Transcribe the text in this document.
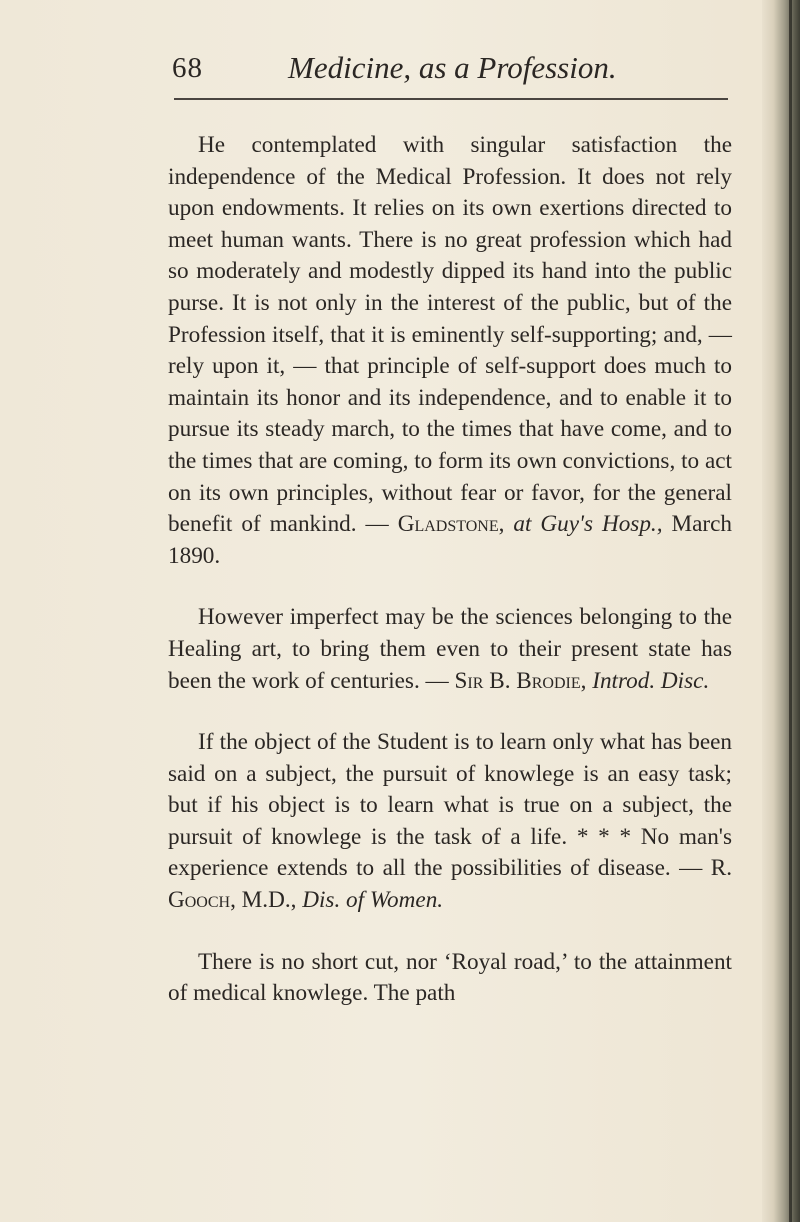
68	Medicine, as a Profession.

He contemplated with singular satisfaction the independence of the Medical Profession. It does not rely upon endowments. It relies on its own exertions directed to meet human wants. There is no great profession which had so moderately and modestly dipped its hand into the public purse. It is not only in the interest of the public, but of the Profession itself, that it is eminently self-supporting; and, — rely upon it, — that principle of self-support does much to maintain its honor and its independence, and to enable it to pursue its steady march, to the times that have come, and to the times that are coming, to form its own convictions, to act on its own principles, without fear or favor, for the general benefit of mankind. — Gladstone, at Guy's Hosp., March 1890.

However imperfect may be the sciences belonging to the Healing art, to bring them even to their present state has been the work of centuries. — Sir B. Brodie, Introd. Disc.

If the object of the Student is to learn only what has been said on a subject, the pursuit of knowlege is an easy task; but if his object is to learn what is true on a subject, the pursuit of knowlege is the task of a life. * * * No man's experience extends to all the possibilities of disease. — R. Gooch, M.D., Dis. of Women.

There is no short cut, nor ‘Royal road,’ to the attainment of medical knowlege. The path
